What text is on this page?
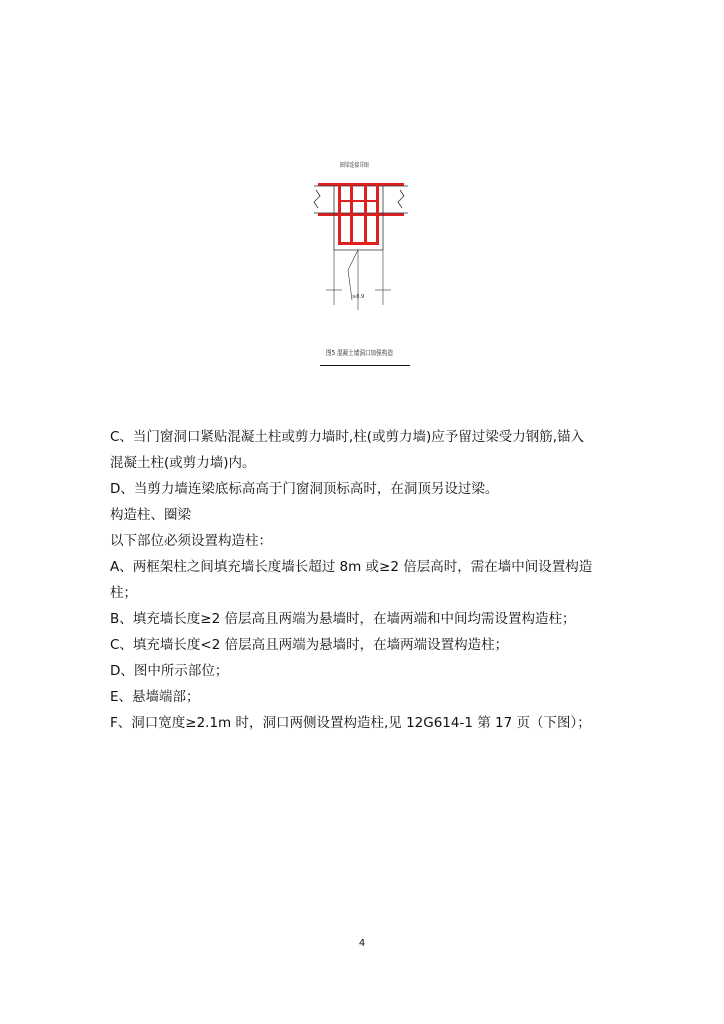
圈梁连接详图
≥0.9
图5 混凝土墙洞口加强构造

C、当门窗洞口紧贴混凝土柱或剪力墙时,柱(或剪力墙)应予留过梁受力钢筋,锚入

混凝土柱(或剪力墙)内。

D、当剪力墙连梁底标高高于门窗洞顶标高时，在洞顶另设过梁。

构造柱、圈梁

以下部位必须设置构造柱：

A、两框架柱之间填充墙长度墙长超过 8m 或≥2 倍层高时，需在墙中间设置构造

柱；

B、填充墙长度≥2 倍层高且两端为悬墙时，在墙两端和中间均需设置构造柱；

C、填充墙长度<2 倍层高且两端为悬墙时，在墙两端设置构造柱；

D、图中所示部位；

E、悬墙端部；

F、洞口宽度≥2.1m 时，洞口两侧设置构造柱,见 12G614-1 第 17 页（下图）；

4
